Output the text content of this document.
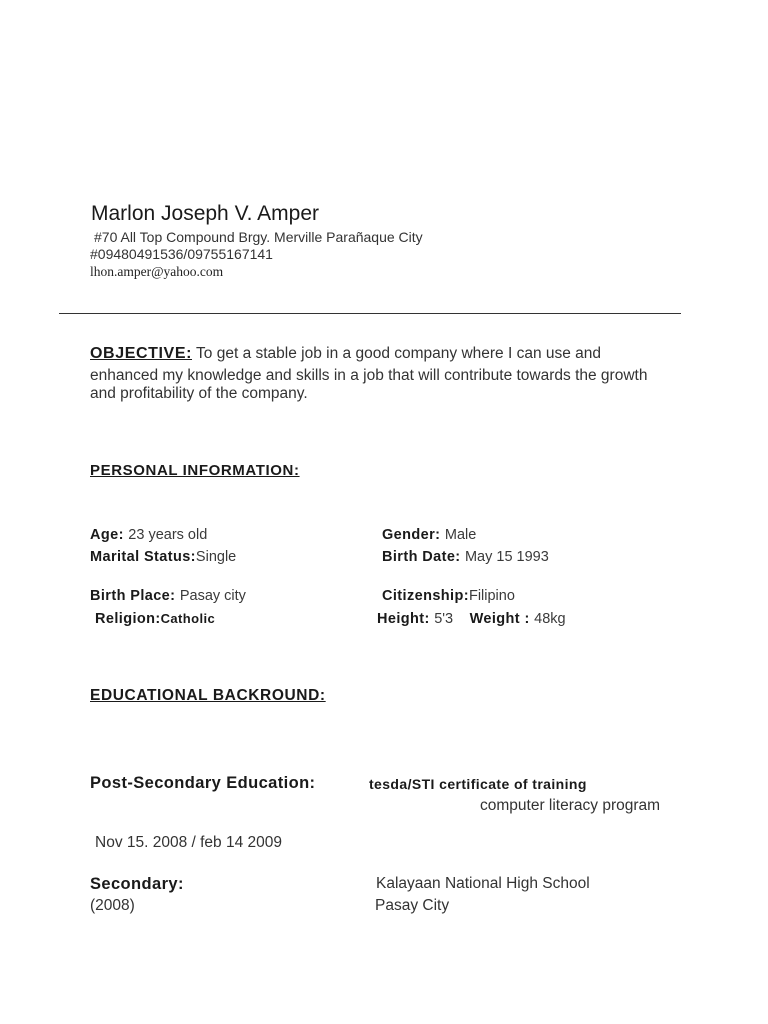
Marlon Joseph V. Amper
#70 All Top Compound Brgy. Merville Parañaque City
#09480491536/09755167141
lhon.amper@yahoo.com
OBJECTIVE: To get a stable job in a good company where I can use and
enhanced my knowledge and skills in a job that will contribute towards the growth
and profitability of the company.
PERSONAL INFORMATION:
Age: 23 years old	Gender: Male
Marital Status:Single	Birth Date: May 15 1993
Birth Place: Pasay city	Citizenship:Filipino
Religion:Catholic	Height: 5'3 Weight : 48kg
EDUCATIONAL BACKROUND:
Post-Secondary Education:	tesda/STI certificate of training
computer literacy program
Nov 15. 2008 / feb 14 2009
Secondary:	Kalayaan National High School
(2008)	Pasay City
